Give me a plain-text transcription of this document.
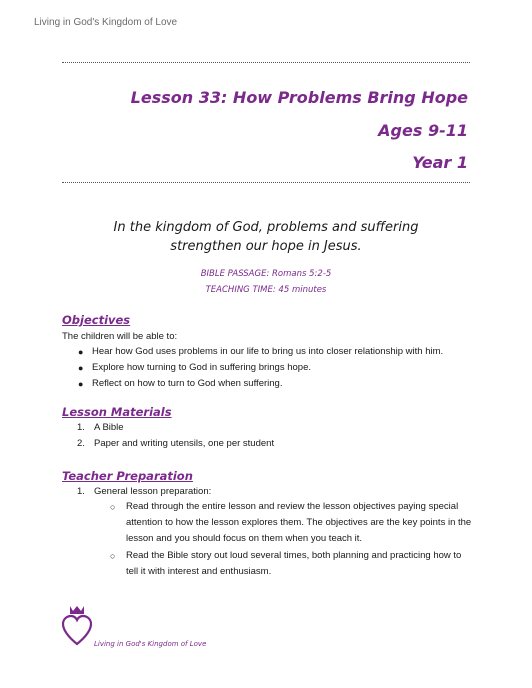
Living in God's Kingdom of Love
Lesson 33: How Problems Bring Hope
Ages 9-11
Year 1
In the kingdom of God, problems and suffering
strengthen our hope in Jesus.
BIBLE PASSAGE: Romans 5:2-5
TEACHING TIME: 45 minutes
Objectives
The children will be able to:
● Hear how God uses problems in our life to bring us into closer relationship with him.
● Explore how turning to God in suffering brings hope.
● Reflect on how to turn to God when suffering.
Lesson Materials
1. A Bible
2. Paper and writing utensils, one per student
Teacher Preparation
1. General lesson preparation:
○ Read through the entire lesson and review the lesson objectives paying special attention to how the lesson explores them. The objectives are the key points in the lesson and you should focus on them when you teach it.
○ Read the Bible story out loud several times, both planning and practicing how to tell it with interest and enthusiasm.
Living in God's Kingdom of Love
